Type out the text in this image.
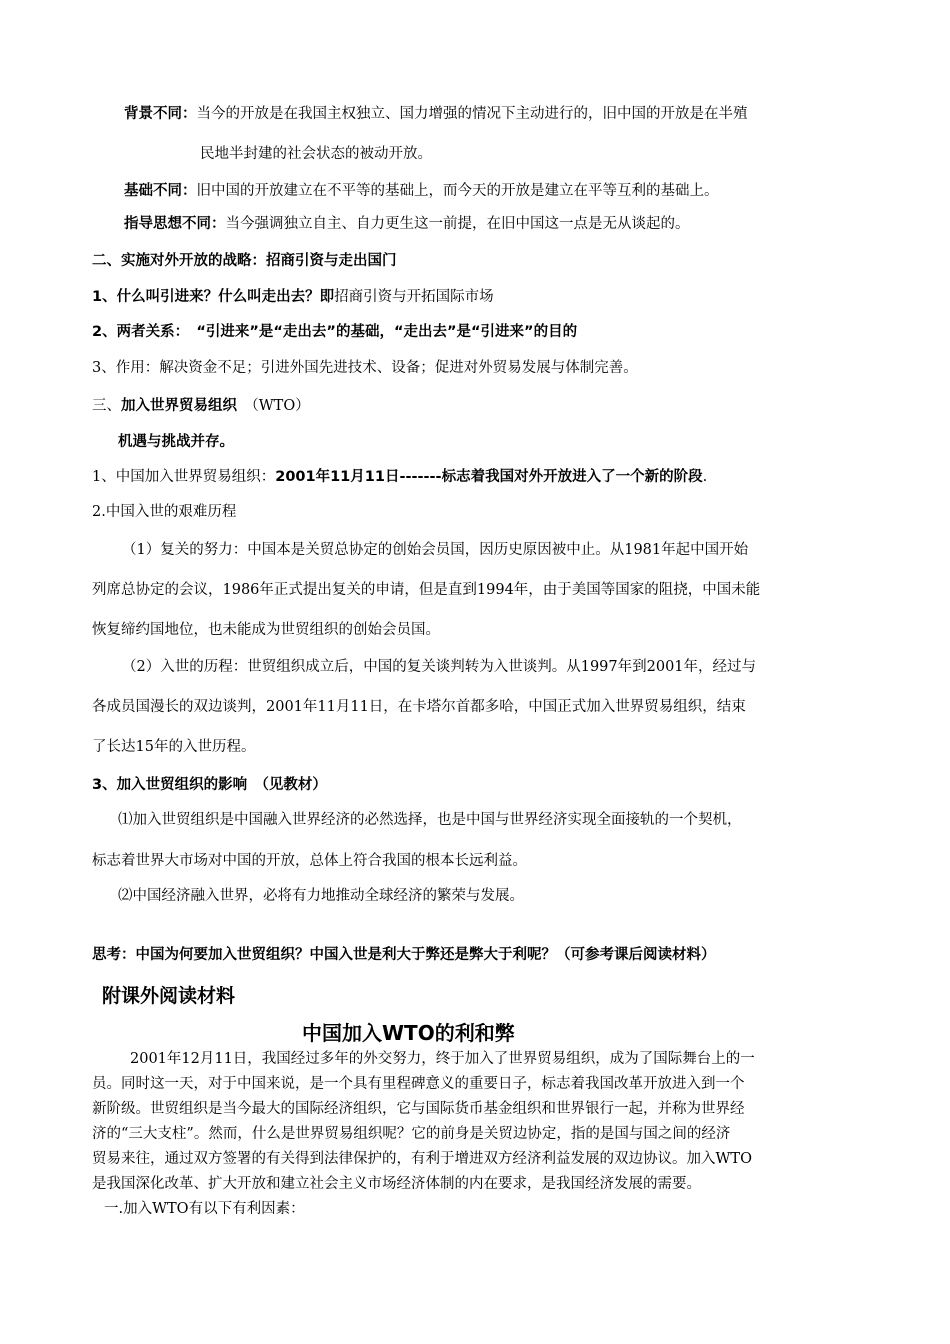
背景不同：当今的开放是在我国主权独立、国力增强的情况下主动进行的，旧中国的开放是在半殖
民地半封建的社会状态的被动开放。
基础不同：旧中国的开放建立在不平等的基础上，而今天的开放是建立在平等互利的基础上。
指导思想不同：当今强调独立自主、自力更生这一前提，在旧中国这一点是无从谈起的。
二、实施对外开放的战略：招商引资与走出国门
1、什么叫引进来？什么叫走出去？即招商引资与开拓国际市场
2、两者关系：　“引进来”是“走出去”的基础，“走出去”是“引进来”的目的
3、作用：解决资金不足；引进外国先进技术、设备；促进对外贸易发展与体制完善。
三、加入世界贸易组织　（WTO）
机遇与挑战并存。
1、中国加入世界贸易组织：2001年11月11日-------标志着我国对外开放进入了一个新的阶段.
2.中国入世的艰难历程
（1）复关的努力：中国本是关贸总协定的创始会员国，因历史原因被中止。从1981年起中国开始
列席总协定的会议，1986年正式提出复关的申请，但是直到1994年，由于美国等国家的阻挠，中国未能
恢复缔约国地位，也未能成为世贸组织的创始会员国。
（2）入世的历程：世贸组织成立后，中国的复关谈判转为入世谈判。从1997年到2001年，经过与
各成员国漫长的双边谈判，2001年11月11日，在卡塔尔首都多哈，中国正式加入世界贸易组织，结束
了长达15年的入世历程。
3、加入世贸组织的影响　（见教材）
⑴加入世贸组织是中国融入世界经济的必然选择，也是中国与世界经济实现全面接轨的一个契机，
标志着世界大市场对中国的开放，总体上符合我国的根本长远利益。
⑵中国经济融入世界，必将有力地推动全球经济的繁荣与发展。
思考：中国为何要加入世贸组织？中国入世是利大于弊还是弊大于利呢？（可参考课后阅读材料）
附课外阅读材料
中国加入WTO的利和弊
2001年12月11日，我国经过多年的外交努力，终于加入了世界贸易组织，成为了国际舞台上的一
员。同时这一天，对于中国来说，是一个具有里程碑意义的重要日子，标志着我国改革开放进入到一个
新阶级。世贸组织是当今最大的国际经济组织，它与国际货币基金组织和世界银行一起，并称为世界经
济的“三大支柱”。然而，什么是世界贸易组织呢？它的前身是关贸边协定，指的是国与国之间的经济
贸易来往，通过双方签署的有关得到法律保护的，有利于增进双方经济利益发展的双边协议。加入WTO
是我国深化改革、扩大开放和建立社会主义市场经济体制的内在要求，是我国经济发展的需要。
一.加入WTO有以下有利因素：
